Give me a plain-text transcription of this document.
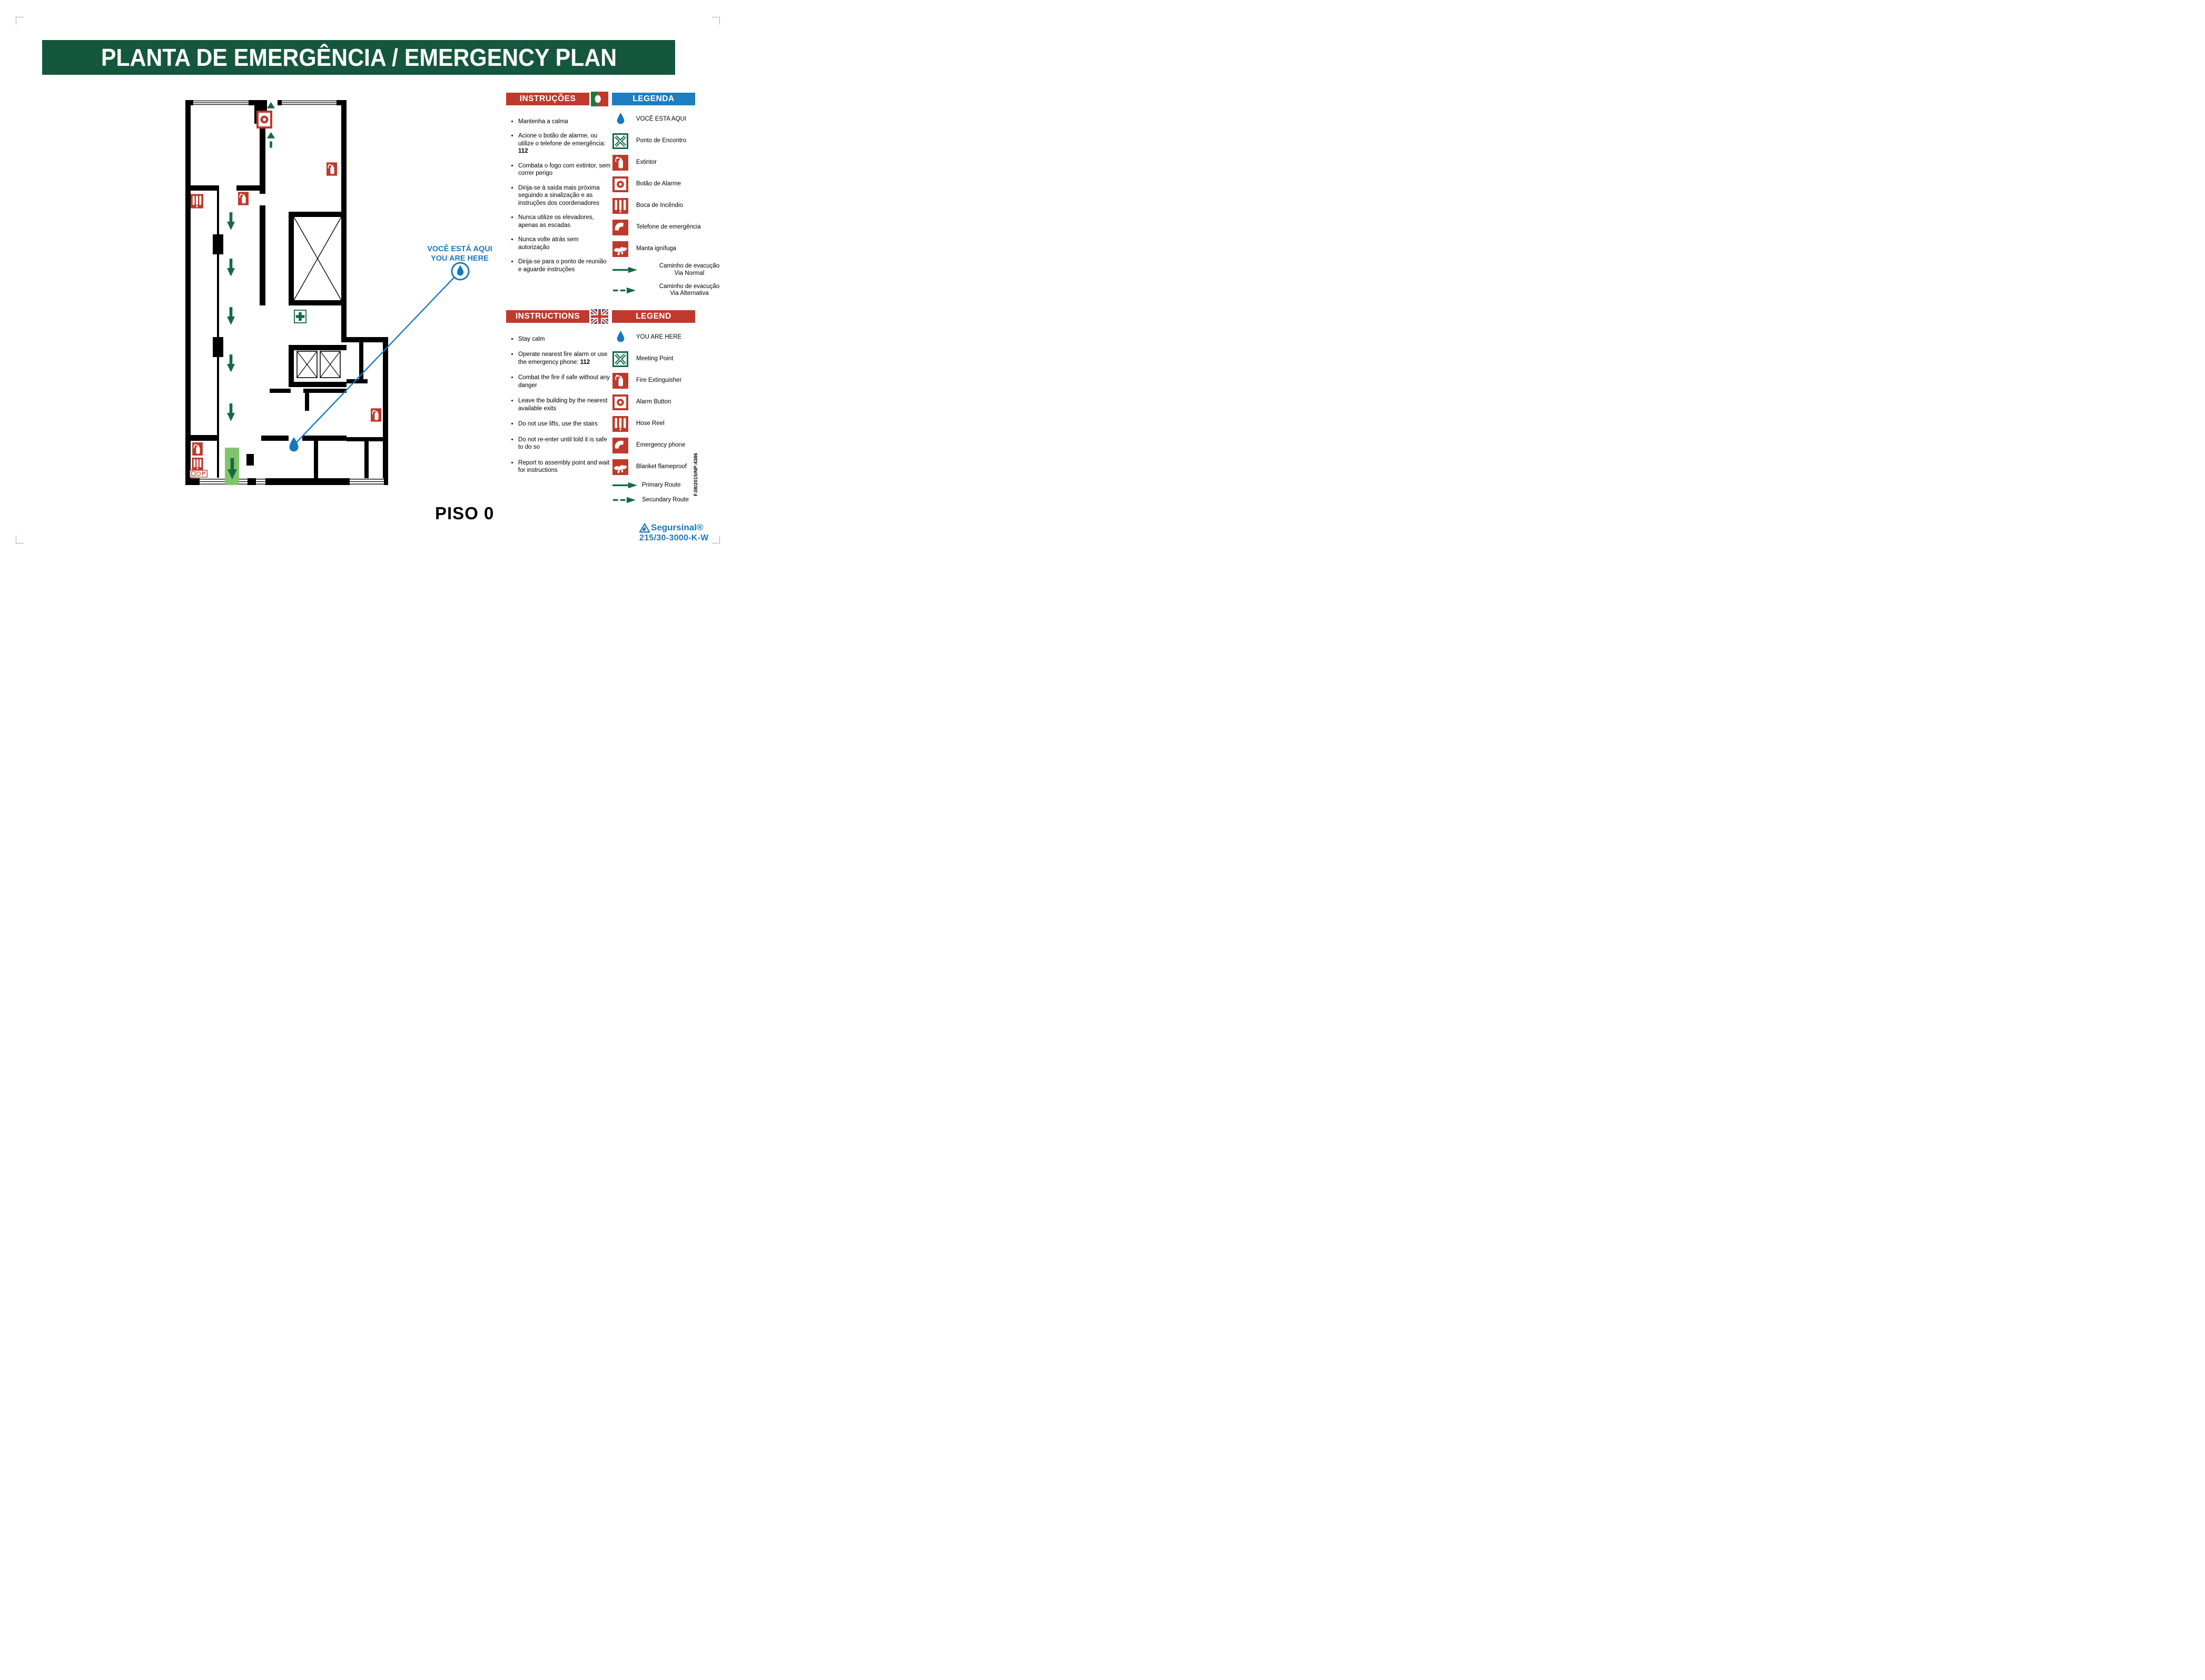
PLANTA DE EMERGÊNCIA / EMERGENCY PLAN
VOCÊ ESTÁ AQUI
YOU ARE HERE
INSTRUÇÕES	LEGENDA
• Mantenha a calma
• Acione o botão de alarme, ou utilize o telefone de emergência: 112
• Combata o fogo com extintor, sem correr perigo
• Dirija-se à saìda mais próxima seguindo a sinalização e as instruções dos coordenadores
• Nunca utilize os elevadores, apenas as escadas
• Nunca volte atrás sem autorização
• Dirija-se para o ponto de reunião e aguarde instruções
VOCÊ ESTA AQUI
Ponto de Encontro
Extintor
Botão de Alarme
Boca de Incêndio
Telefone de emergência
Manta ignífuga
Caminho de evacução
Via Normal
Caminho de evacução
Via Alternativa
INSTRUCTIONS	LEGEND
• Stay calm
• Operate nearest fire alarm or use the emergency phone: 112
• Combat the fire if safe without any danger
• Leave the building by the nearest available exits
• Do not use lifts, use the stairs
• Do not re-enter until told it is safe to do so
• Report to assembly point and wait for instructions
YOU ARE HERE
Meeting Point
Fire Extinguisher
Alarm Button
Hose Reel
Emergency phone
Blanket flameproof
Primary Route
Secundary Route
PISO 0
F.08/2015/NP:4386
Segursinal®
215/30-3000-K-W
